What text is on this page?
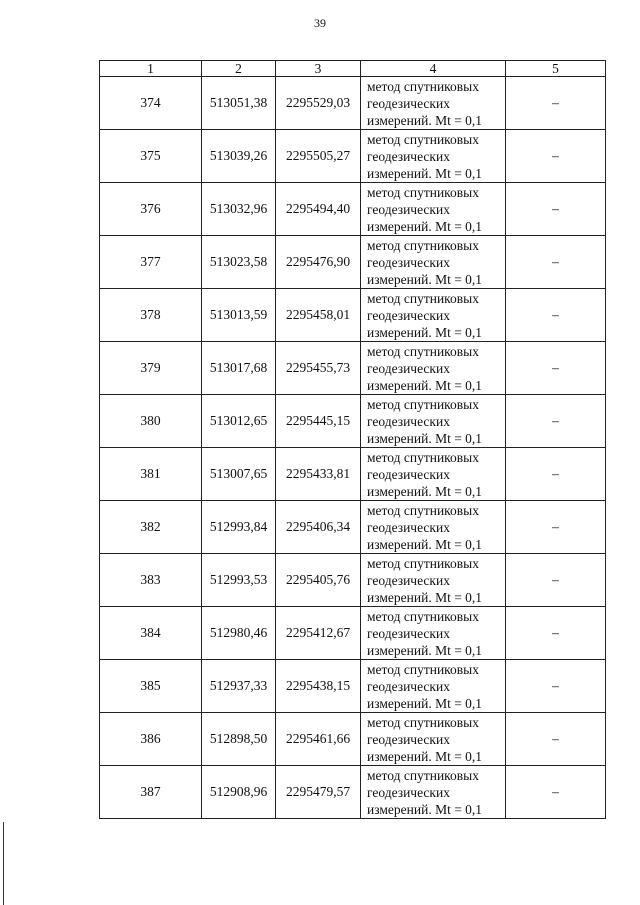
39
1	2	3	4	5
374	513051,38	2295529,03	метод спутниковых
геодезических
измерений. Mt = 0,1	–
375	513039,26	2295505,27	метод спутниковых
геодезических
измерений. Mt = 0,1	–
376	513032,96	2295494,40	метод спутниковых
геодезических
измерений. Mt = 0,1	–
377	513023,58	2295476,90	метод спутниковых
геодезических
измерений. Mt = 0,1	–
378	513013,59	2295458,01	метод спутниковых
геодезических
измерений. Mt = 0,1	–
379	513017,68	2295455,73	метод спутниковых
геодезических
измерений. Mt = 0,1	–
380	513012,65	2295445,15	метод спутниковых
геодезических
измерений. Mt = 0,1	–
381	513007,65	2295433,81	метод спутниковых
геодезических
измерений. Mt = 0,1	–
382	512993,84	2295406,34	метод спутниковых
геодезических
измерений. Mt = 0,1	–
383	512993,53	2295405,76	метод спутниковых
геодезических
измерений. Mt = 0,1	–
384	512980,46	2295412,67	метод спутниковых
геодезических
измерений. Mt = 0,1	–
385	512937,33	2295438,15	метод спутниковых
геодезических
измерений. Mt = 0,1	–
386	512898,50	2295461,66	метод спутниковых
геодезических
измерений. Mt = 0,1	–
387	512908,96	2295479,57	метод спутниковых
геодезических
измерений. Mt = 0,1	–
